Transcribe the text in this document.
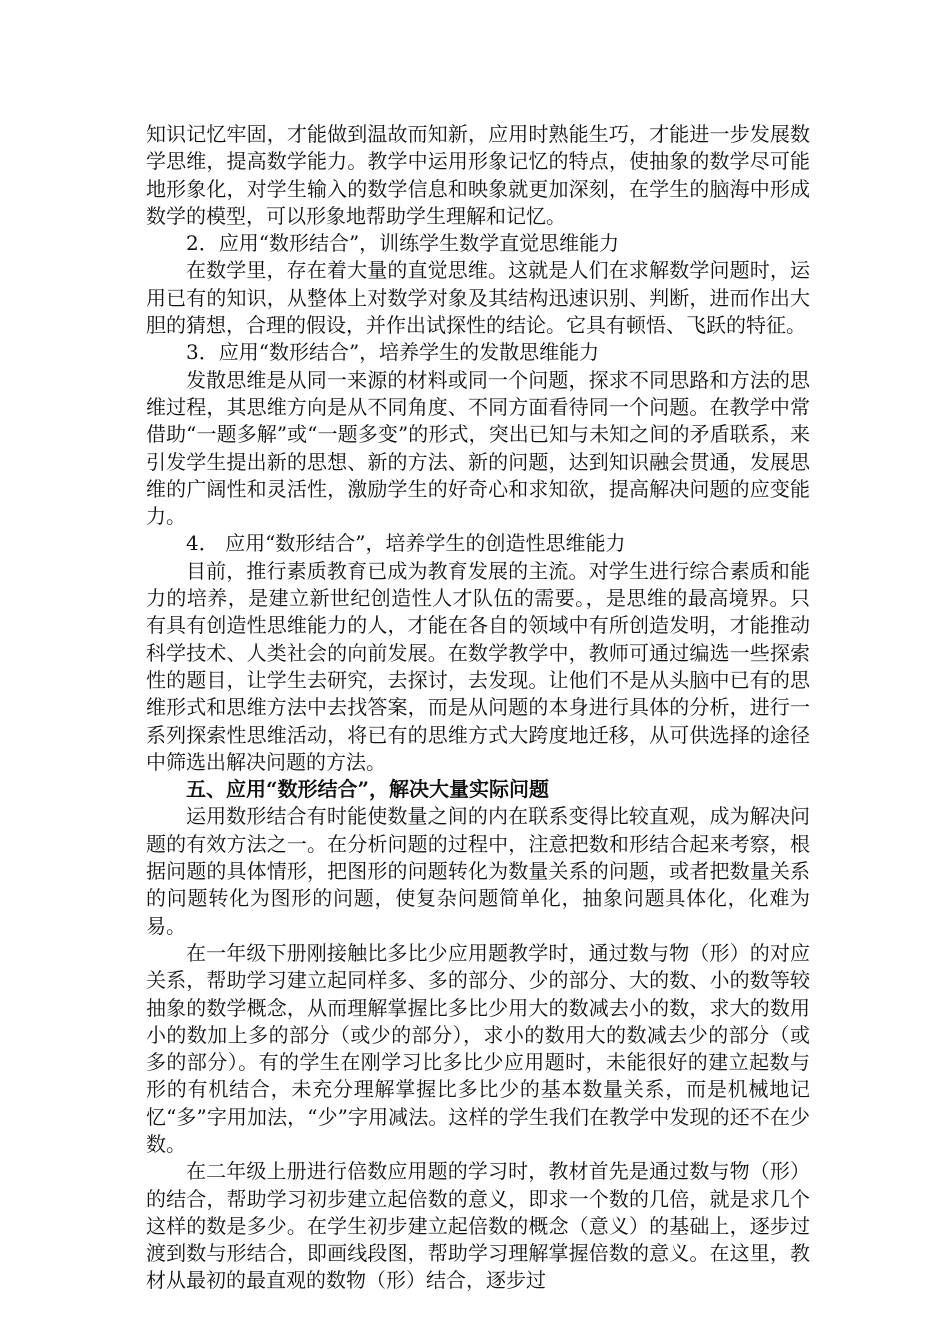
知识记忆牢固，才能做到温故而知新，应用时熟能生巧，才能进一步发展数学思维，提高数学能力。教学中运用形象记忆的特点，使抽象的数学尽可能地形象化，对学生输入的数学信息和映象就更加深刻，在学生的脑海中形成数学的模型，可以形象地帮助学生理解和记忆。

2．应用“数形结合”，训练学生数学直觉思维能力

在数学里，存在着大量的直觉思维。这就是人们在求解数学问题时，运用已有的知识，从整体上对数学对象及其结构迅速识别、判断，进而作出大胆的猜想，合理的假设，并作出试探性的结论。它具有顿悟、飞跃的特征。

3．应用“数形结合”，培养学生的发散思维能力

发散思维是从同一来源的材料或同一个问题，探求不同思路和方法的思维过程，其思维方向是从不同角度、不同方面看待同一个问题。在教学中常借助“一题多解”或“一题多变”的形式，突出已知与未知之间的矛盾联系，来引发学生提出新的思想、新的方法、新的问题，达到知识融会贯通，发展思维的广阔性和灵活性，激励学生的好奇心和求知欲，提高解决问题的应变能力。

4． 应用“数形结合”，培养学生的创造性思维能力

目前，推行素质教育已成为教育发展的主流。对学生进行综合素质和能力的培养，是建立新世纪创造性人才队伍的需要。，是思维的最高境界。只有具有创造性思维能力的人，才能在各自的领域中有所创造发明，才能推动科学技术、人类社会的向前发展。在数学教学中，教师可通过编选一些探索性的题目，让学生去研究，去探讨，去发现。让他们不是从头脑中已有的思维形式和思维方法中去找答案，而是从问题的本身进行具体的分析，进行一系列探索性思维活动，将已有的思维方式大跨度地迁移，从可供选择的途径中筛选出解决问题的方法。

五、应用“数形结合”，解决大量实际问题

运用数形结合有时能使数量之间的内在联系变得比较直观，成为解决问题的有效方法之一。在分析问题的过程中，注意把数和形结合起来考察，根据问题的具体情形，把图形的问题转化为数量关系的问题，或者把数量关系的问题转化为图形的问题，使复杂问题简单化，抽象问题具体化，化难为易。

在一年级下册刚接触比多比少应用题教学时，通过数与物（形）的对应关系，帮助学习建立起同样多、多的部分、少的部分、大的数、小的数等较抽象的数学概念，从而理解掌握比多比少用大的数减去小的数，求大的数用小的数加上多的部分（或少的部分），求小的数用大的数减去少的部分（或多的部分）。有的学生在刚学习比多比少应用题时，未能很好的建立起数与形的有机结合，未充分理解掌握比多比少的基本数量关系，而是机械地记忆“多”字用加法，“少”字用减法。这样的学生我们在教学中发现的还不在少数。

在二年级上册进行倍数应用题的学习时，教材首先是通过数与物（形）的结合，帮助学习初步建立起倍数的意义，即求一个数的几倍，就是求几个这样的数是多少。在学生初步建立起倍数的概念（意义）的基础上，逐步过渡到数与形结合，即画线段图，帮助学习理解掌握倍数的意义。在这里，教材从最初的最直观的数物（形）结合，逐步过
